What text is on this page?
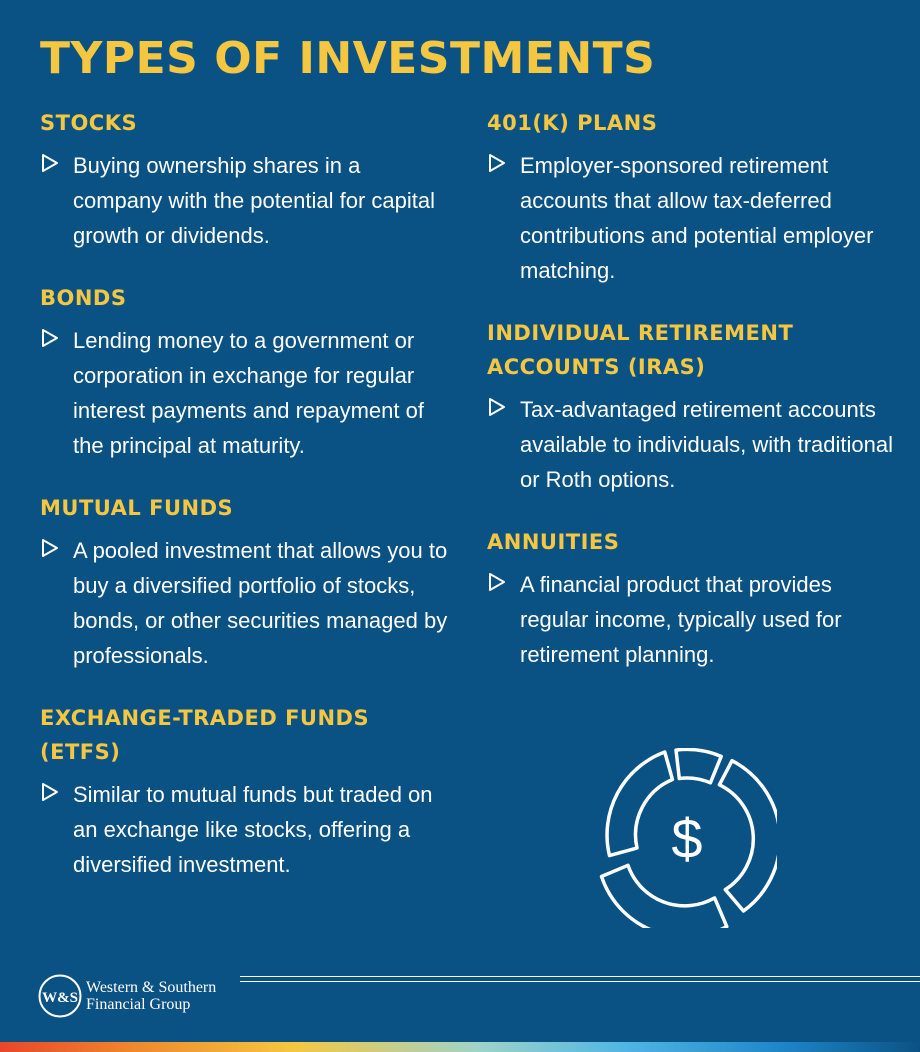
TYPES OF INVESTMENTS
STOCKS

Buying ownership shares in a company with the potential for capital growth or dividends.

BONDS

Lending money to a government or corporation in exchange for regular interest payments and repayment of the principal at maturity.

MUTUAL FUNDS

A pooled investment that allows you to buy a diversified portfolio of stocks, bonds, or other securities managed by professionals.

EXCHANGE-TRADED FUNDS (ETFS)

Similar to mutual funds but traded on an exchange like stocks, offering a diversified investment.

401(K) PLANS

Employer-sponsored retirement accounts that allow tax-deferred contributions and potential employer matching.

INDIVIDUAL RETIREMENT ACCOUNTS (IRAS)

Tax-advantaged retirement accounts available to individuals, with traditional or Roth options.

ANNUITIES

A financial product that provides regular income, typically used for retirement planning.

$
W&S
Western & Southern
Financial Group
